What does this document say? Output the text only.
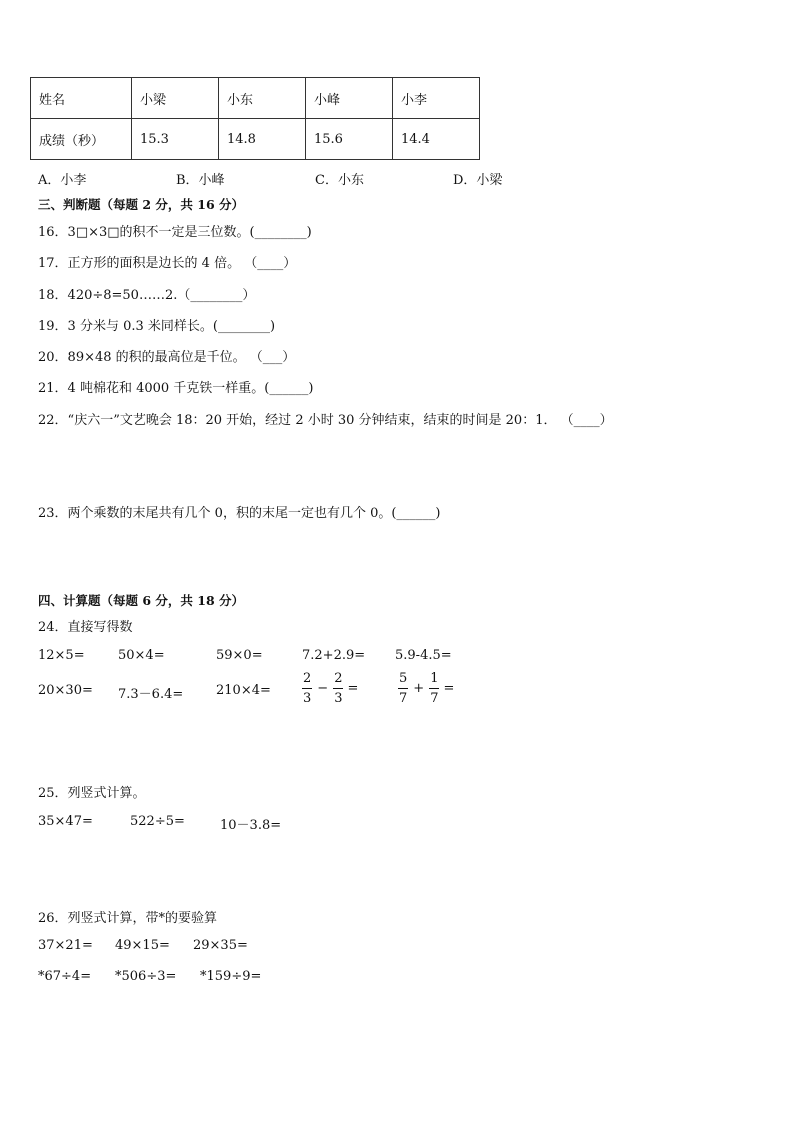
姓名	小梁	小东	小峰	小李
成绩（秒）	15.3	14.8	15.6	14.4
A．小李	B．小峰	C．小东	D．小梁
三、判断题（每题 2 分，共 16 分）
16．3□×3□的积不一定是三位数。(________)
17．正方形的面积是边长的 4 倍。 （____）
18．420÷8=50……2.（________）
19．3 分米与 0.3 米同样长。(________)
20．89×48 的积的最高位是千位。 （___）
21．4 吨棉花和 4000 千克铁一样重。(______)
22．“庆六一”文艺晚会 18：20 开始，经过 2 小时 30 分钟结束，结束的时间是 20：1． （____）
23．两个乘数的末尾共有几个 0，积的末尾一定也有几个 0。(______)
四、计算题（每题 6 分，共 18 分）
24．直接写得数
12×5=	50×4=	59×0=	7.2+2.9= 5.9-4.5=
20×30= 7.3－6.4=	$210\times 4= \frac{2}{3} - \frac{2}{3}$ =	$\frac{5}{7} + \frac{1}{7}$ =
25．列竖式计算。
35×47=	522÷5=	10－3.8=
26．列竖式计算，带*的要验算
37×21= 49×15= 29×35=
*67÷4= *506÷3= *159÷9=
